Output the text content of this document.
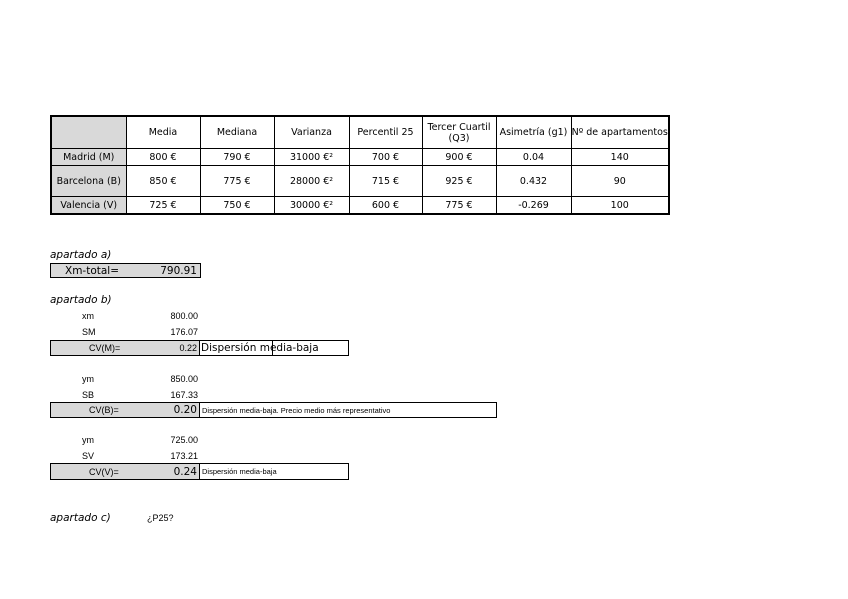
	Media	Mediana	Varianza	Percentil 25	Tercer Cuartil (Q3)	Asimetría (g1)	Nº de apartamentos
Madrid (M)	800 €	790 €	31000 €²	700 €	900 €	0.04	140
Barcelona (B)	850 €	775 €	28000 €²	715 €	925 €	0.432	90
Valencia (V)	725 €	750 €	30000 €²	600 €	775 €	-0.269	100
apartado a)
Xm-total=	790.91
apartado b)
xm	800.00
SM	176.07
CV(M)=	0.22 Dispersión media-baja
ym	850.00
SB	167.33
CV(B)=	0.20 Dispersión media-baja. Precio medio más representativo
ym	725.00
SV	173.21
CV(V)=	0.24 Dispersión media-baja
apartado c)	¿P25?
